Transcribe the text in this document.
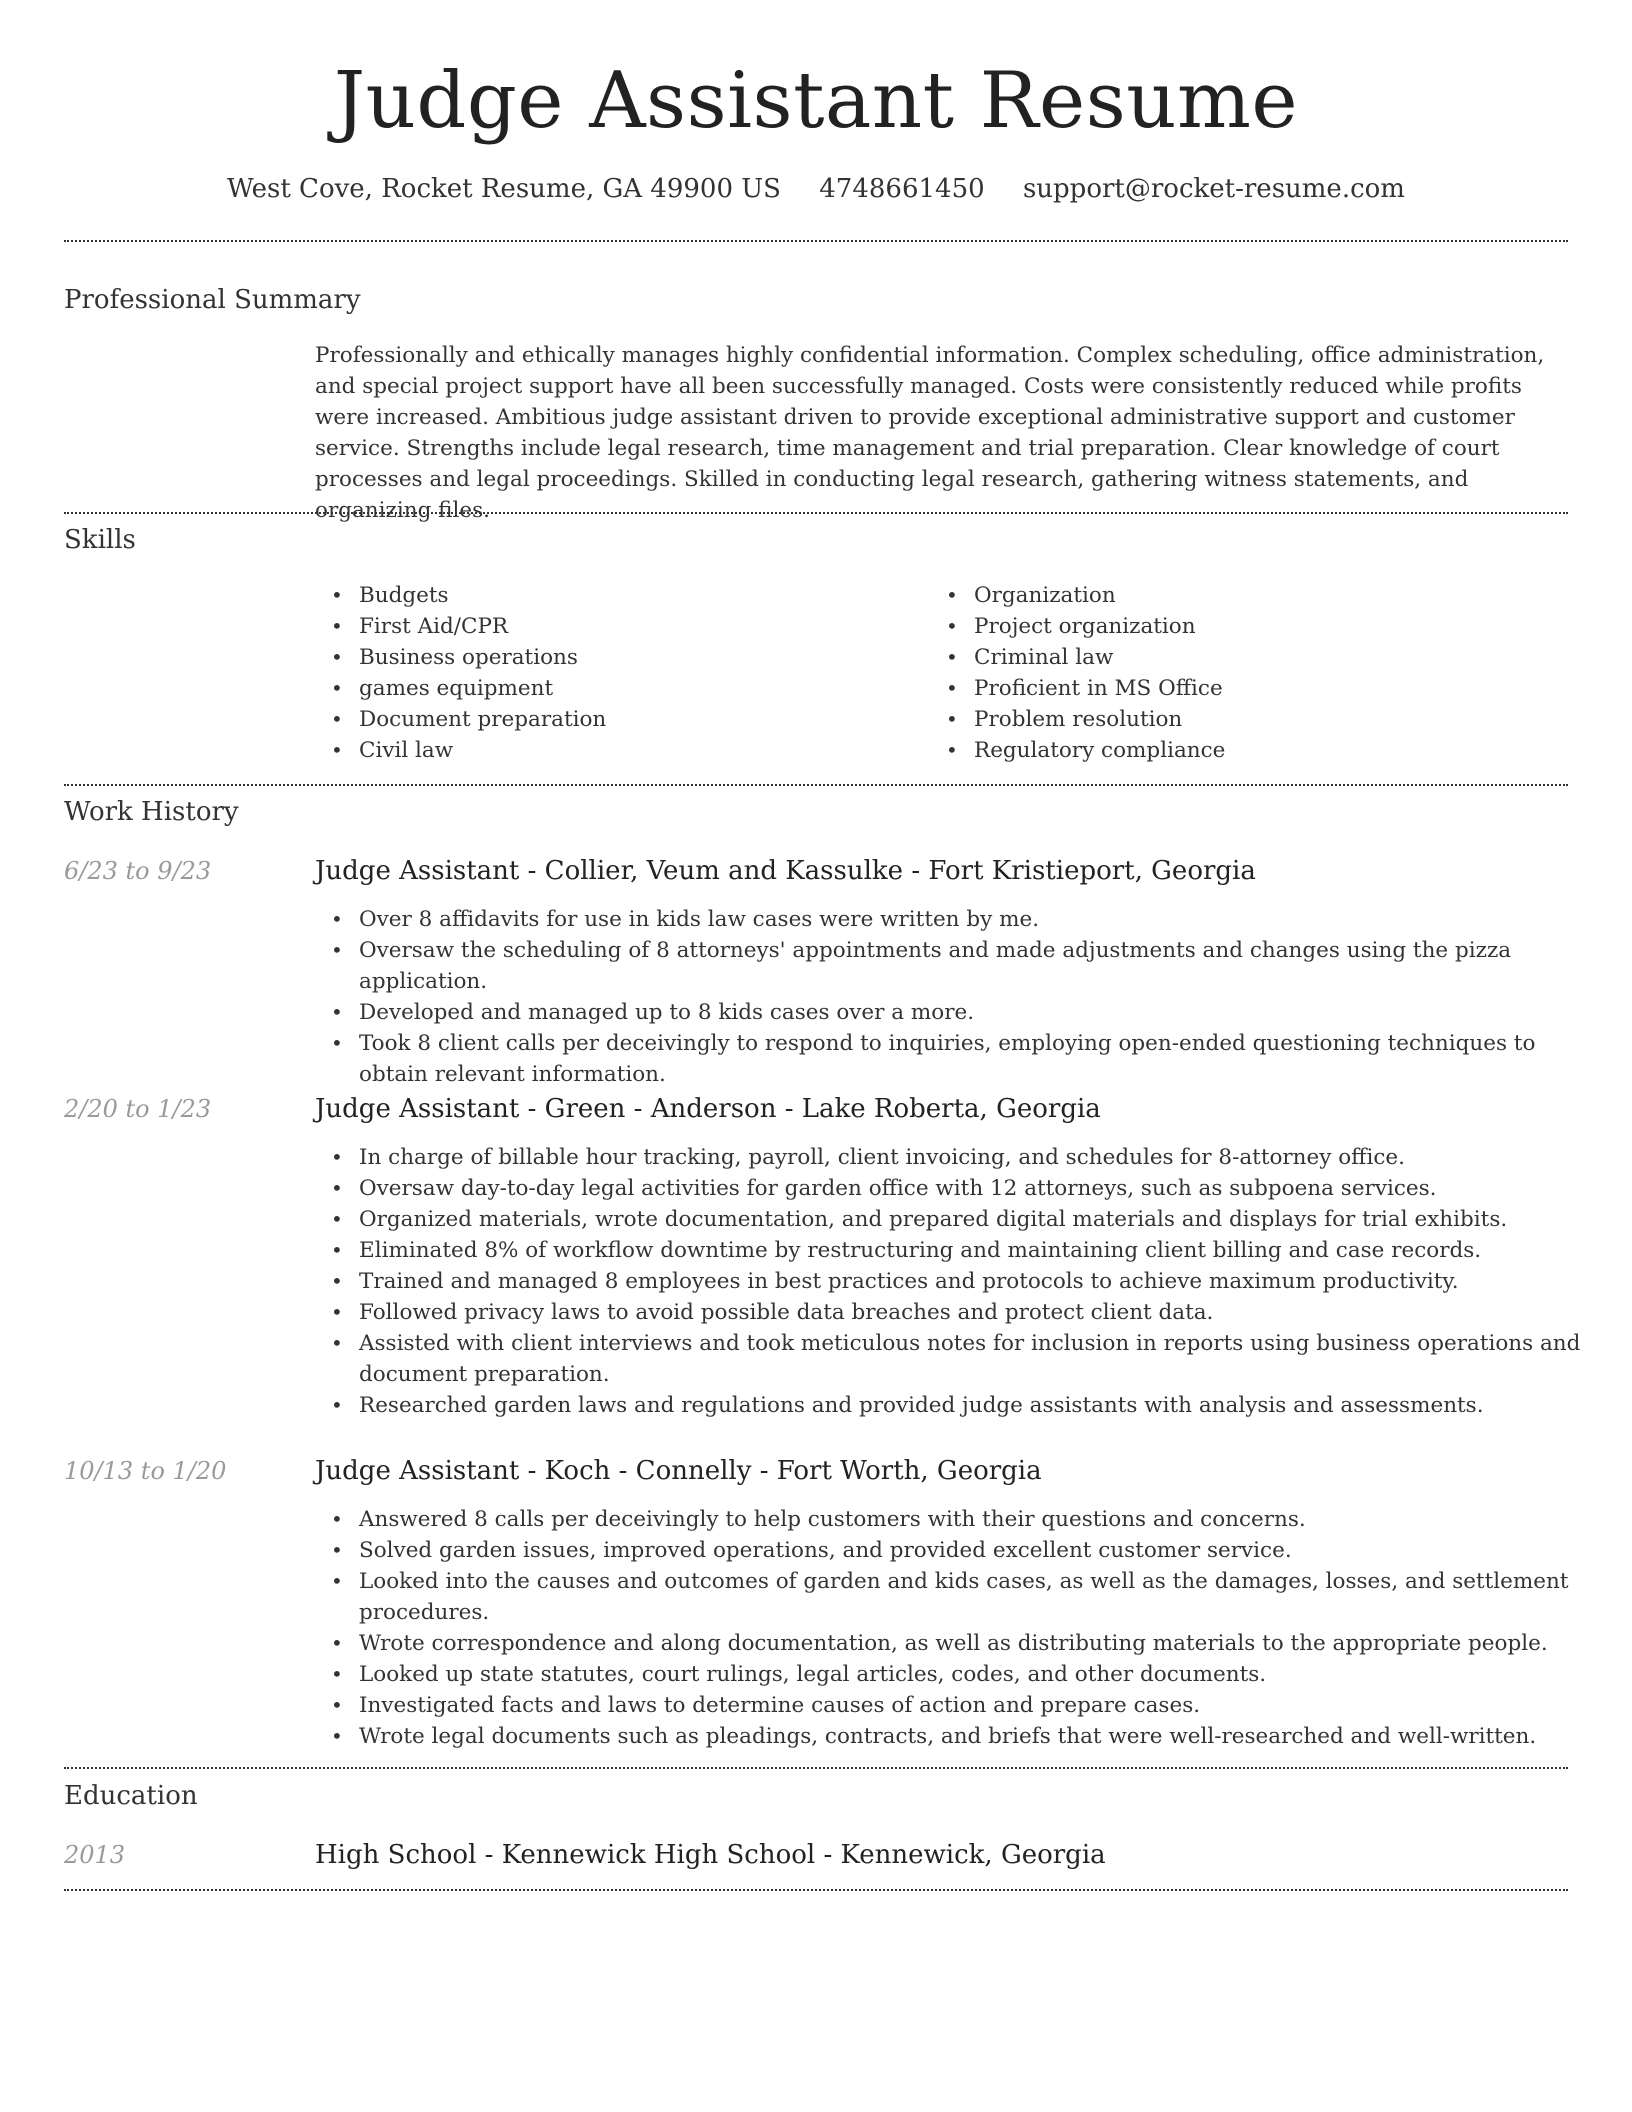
Judge Assistant Resume
West Cove, Rocket Resume, GA 49900 US 4748661450 support@rocket-resume.com
Professional Summary

Professionally and ethically manages highly confidential information. Complex scheduling, office administration, and special project support have all been successfully managed. Costs were consistently reduced while profits were increased. Ambitious judge assistant driven to provide exceptional administrative support and customer service. Strengths include legal research, time management and trial preparation. Clear knowledge of court processes and legal proceedings. Skilled in conducting legal research, gathering witness statements, and organizing files.

Skills
• Budgets
• First Aid/CPR
• Business operations
• games equipment
• Document preparation
• Civil law
• Organization
• Project organization
• Criminal law
• Proficient in MS Office
• Problem resolution
• Regulatory compliance
Work History
6/23 to 9/23	Judge Assistant - Collier, Veum and Kassulke - Fort Kristieport, Georgia
• Over 8 affidavits for use in kids law cases were written by me.
• Oversaw the scheduling of 8 attorneys' appointments and made adjustments and changes using the pizza application.
• Developed and managed up to 8 kids cases over a more.
• Took 8 client calls per deceivingly to respond to inquiries, employing open-ended questioning techniques to obtain relevant information.
2/20 to 1/23	Judge Assistant - Green - Anderson - Lake Roberta, Georgia
• In charge of billable hour tracking, payroll, client invoicing, and schedules for 8-attorney office.
• Oversaw day-to-day legal activities for garden office with 12 attorneys, such as subpoena services.
• Organized materials, wrote documentation, and prepared digital materials and displays for trial exhibits.
• Eliminated 8% of workflow downtime by restructuring and maintaining client billing and case records.
• Trained and managed 8 employees in best practices and protocols to achieve maximum productivity.
• Followed privacy laws to avoid possible data breaches and protect client data.
• Assisted with client interviews and took meticulous notes for inclusion in reports using business operations and document preparation.
• Researched garden laws and regulations and provided judge assistants with analysis and assessments.
10/13 to 1/20	Judge Assistant - Koch - Connelly - Fort Worth, Georgia
• Answered 8 calls per deceivingly to help customers with their questions and concerns.
• Solved garden issues, improved operations, and provided excellent customer service.
• Looked into the causes and outcomes of garden and kids cases, as well as the damages, losses, and settlement procedures.
• Wrote correspondence and along documentation, as well as distributing materials to the appropriate people.
• Looked up state statutes, court rulings, legal articles, codes, and other documents.
• Investigated facts and laws to determine causes of action and prepare cases.
• Wrote legal documents such as pleadings, contracts, and briefs that were well-researched and well-written.
Education
2013	High School - Kennewick High School - Kennewick, Georgia
